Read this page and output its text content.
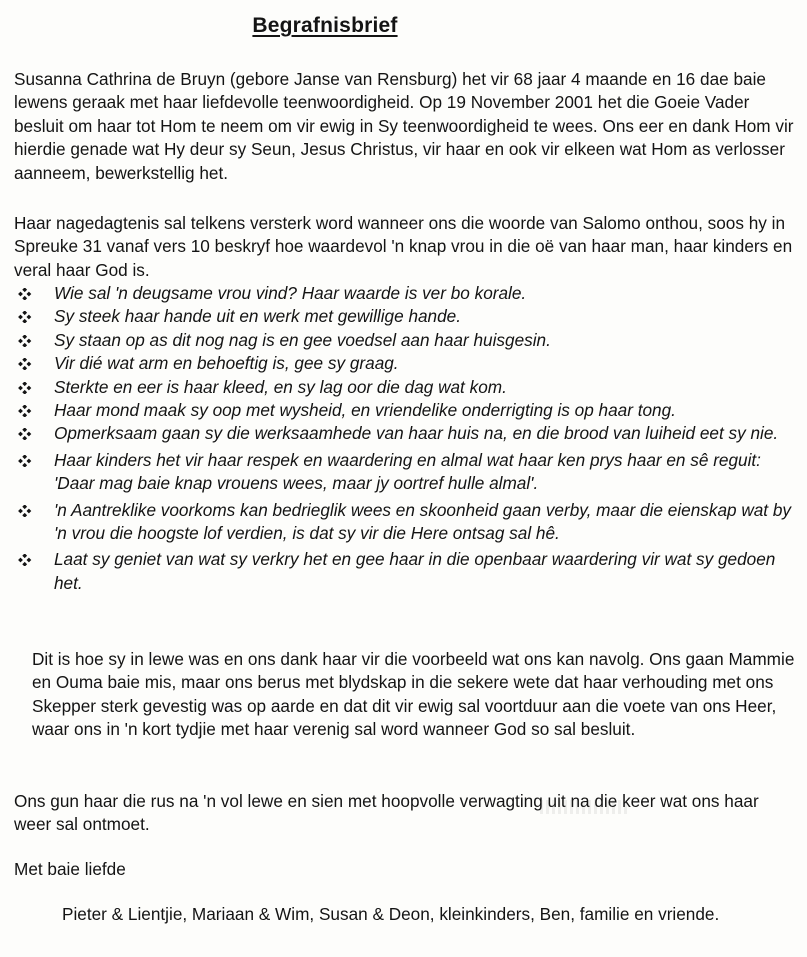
Begrafnisbrief

Susanna Cathrina de Bruyn (gebore Janse van Rensburg) het vir 68 jaar 4 maande en 16 dae baie lewens geraak met haar liefdevolle teenwoordigheid. Op 19 November 2001 het die Goeie Vader besluit om haar tot Hom te neem om vir ewig in Sy teenwoordigheid te wees. Ons eer en dank Hom vir hierdie genade wat Hy deur sy Seun, Jesus Christus, vir haar en ook vir elkeen wat Hom as verlosser aanneem, bewerkstellig het.

Haar nagedagtenis sal telkens versterk word wanneer ons die woorde van Salomo onthou, soos hy in Spreuke 31 vanaf vers 10 beskryf hoe waardevol 'n knap vrou in die oë van haar man, haar kinders en veral haar God is.

Wie sal 'n deugsame vrou vind? Haar waarde is ver bo korale.
Sy steek haar hande uit en werk met gewillige hande.
Sy staan op as dit nog nag is en gee voedsel aan haar huisgesin.
Vir dié wat arm en behoeftig is, gee sy graag.
Sterkte en eer is haar kleed, en sy lag oor die dag wat kom.
Haar mond maak sy oop met wysheid, en vriendelike onderrigting is op haar tong.
Opmerksaam gaan sy die werksaamhede van haar huis na, en die brood van luiheid eet sy nie.
Haar kinders het vir haar respek en waardering en almal wat haar ken prys haar en sê reguit: 'Daar mag baie knap vrouens wees, maar jy oortref hulle almal'.
'n Aantreklike voorkoms kan bedrieglik wees en skoonheid gaan verby, maar die eienskap wat by 'n vrou die hoogste lof verdien, is dat sy vir die Here ontsag sal hê.
Laat sy geniet van wat sy verkry het en gee haar in die openbaar waardering vir wat sy gedoen het.

Dit is hoe sy in lewe was en ons dank haar vir die voorbeeld wat ons kan navolg. Ons gaan Mammie en Ouma baie mis, maar ons berus met blydskap in die sekere wete dat haar verhouding met ons Skepper sterk gevestig was op aarde en dat dit vir ewig sal voortduur aan die voete van ons Heer, waar ons in 'n kort tydjie met haar verenig sal word wanneer God so sal besluit.

Ons gun haar die rus na 'n vol lewe en sien met hoopvolle verwagting uit na die keer wat ons haar weer sal ontmoet.

Met baie liefde

Pieter & Lientjie, Mariaan & Wim, Susan & Deon, kleinkinders, Ben, familie en vriende.
